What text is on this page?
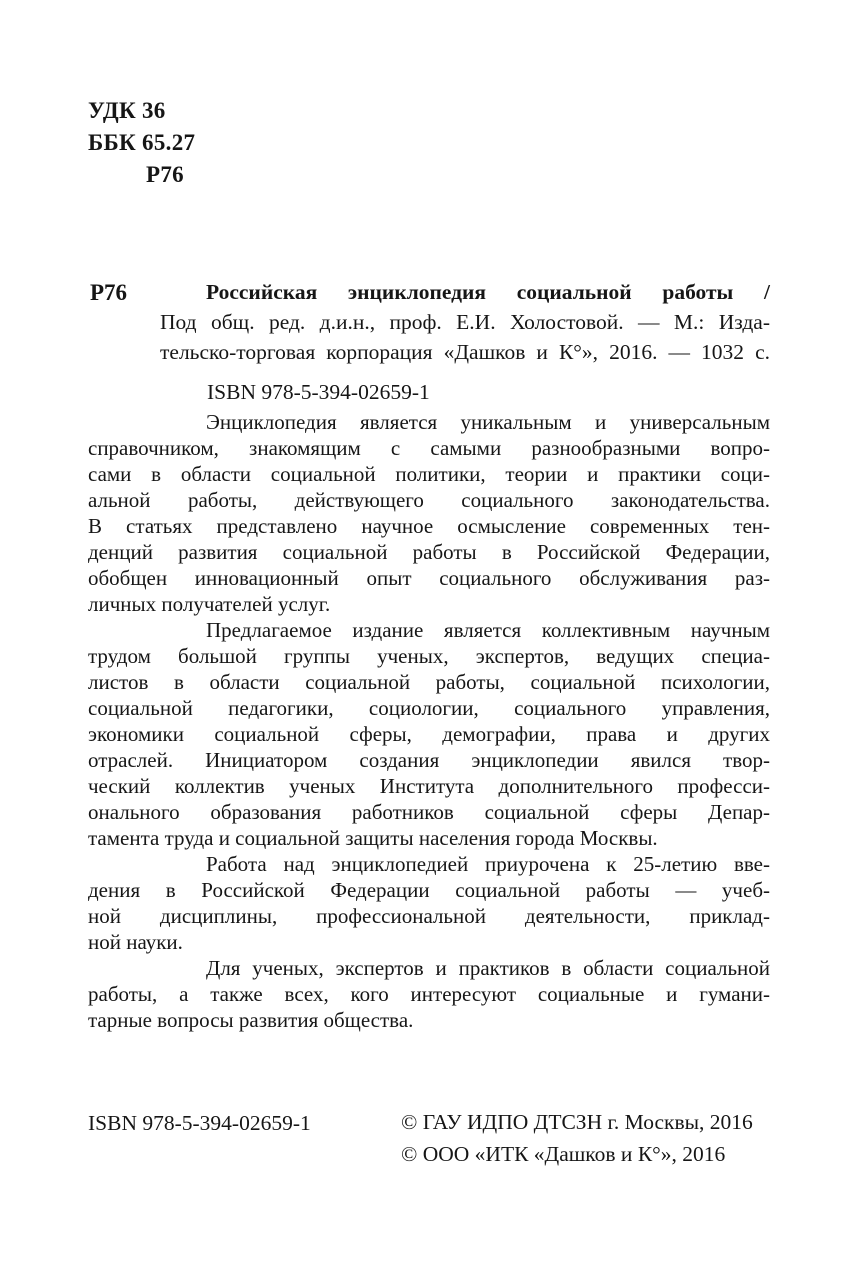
УДК 36
ББК 65.27
Р76
Р76	Российская энциклопедия социальной работы /
Под общ. ред. д.и.н., проф. Е.И. Холостовой. — М.: Изда-
тельско-торговая корпорация «Дашков и К°», 2016. — 1032 с.
ISBN 978-5-394-02659-1
Энциклопедия является уникальным и универсальным
справочником, знакомящим с самыми разнообразными вопро-
сами в области социальной политики, теории и практики соци-
альной работы, действующего социального законодательства.
В статьях представлено научное осмысление современных тен-
денций развития социальной работы в Российской Федерации,
обобщен инновационный опыт социального обслуживания раз-
личных получателей услуг.
Предлагаемое издание является коллективным научным
трудом большой группы ученых, экспертов, ведущих специа-
листов в области социальной работы, социальной психологии,
социальной педагогики, социологии, социального управления,
экономики социальной сферы, демографии, права и других
отраслей. Инициатором создания энциклопедии явился твор-
ческий коллектив ученых Института дополнительного професси-
онального образования работников социальной сферы Депар-
тамента труда и социальной защиты населения города Москвы.
Работа над энциклопедией приурочена к 25-летию вве-
дения в Российской Федерации социальной работы — учеб-
ной дисциплины, профессиональной деятельности, приклад-
ной науки.
Для ученых, экспертов и практиков в области социальной
работы, а также всех, кого интересуют социальные и гумани-
тарные вопросы развития общества.
ISBN 978-5-394-02659-1	© ГАУ ИДПО ДТСЗН г. Москвы, 2016
© ООО «ИТК «Дашков и К°», 2016
